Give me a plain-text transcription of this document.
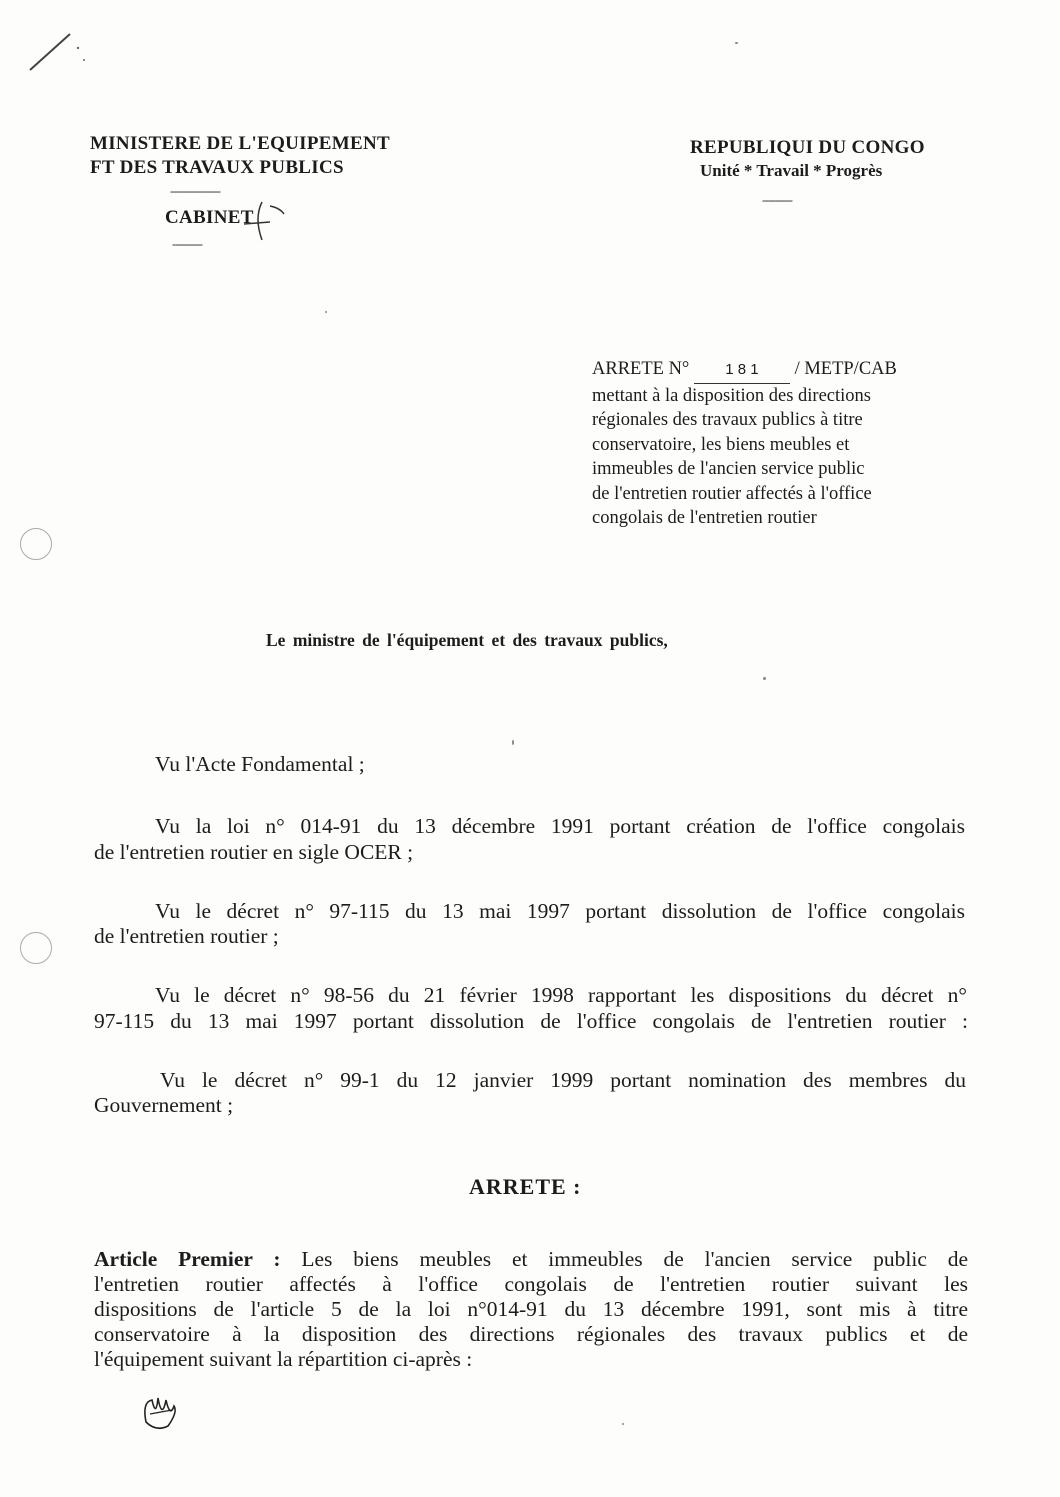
MINISTERE DE L'EQUIPEMENT
FT DES TRAVAUX PUBLICS
---------------
CABINET
---------
REPUBLIQUI DU CONGO
Unité * Travail * Progrès
---------
ARRETE N° 1 8 1 / METP/CAB
mettant à la disposition des directions
régionales des travaux publics à titre
conservatoire, les biens meubles et
immeubles de l'ancien service public
de l'entretien routier affectés à l'office
congolais de l'entretien routier
Le ministre de l'équipement et des travaux publics,
Vu l'Acte Fondamental ;
Vu la loi n° 014-91 du 13 décembre 1991 portant création de l'office congolais
de l'entretien routier en sigle OCER ;
Vu le décret n° 97-115 du 13 mai 1997 portant dissolution de l'office congolais
de l'entretien routier ;
Vu le décret n° 98-56 du 21 février 1998 rapportant les dispositions du décret n°
97-115 du 13 mai 1997 portant dissolution de l'office congolais de l'entretien routier :
Vu le décret n° 99-1 du 12 janvier 1999 portant nomination des membres du
Gouvernement ;
ARRETE :
Article Premier : Les biens meubles et immeubles de l'ancien service public de
l'entretien routier affectés à l'office congolais de l'entretien routier suivant les
dispositions de l'article 5 de la loi n°014-91 du 13 décembre 1991, sont mis à titre
conservatoire à la disposition des directions régionales des travaux publics et de
l'équipement suivant la répartition ci-après :
